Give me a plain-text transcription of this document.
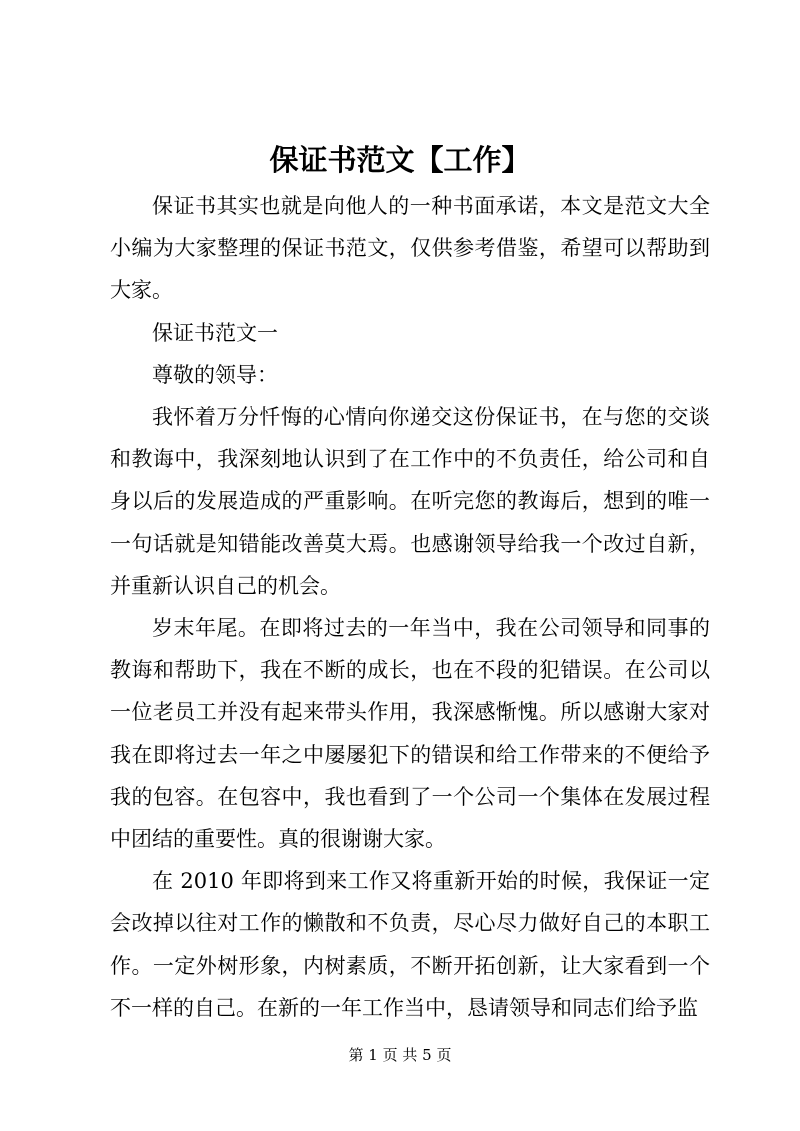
保证书范文【工作】

保证书其实也就是向他人的一种书面承诺，本文是范文大全小编为大家整理的保证书范文，仅供参考借鉴，希望可以帮助到大家。

保证书范文一

尊敬的领导：

我怀着万分忏悔的心情向你递交这份保证书，在与您的交谈和教诲中，我深刻地认识到了在工作中的不负责任，给公司和自身以后的发展造成的严重影响。在听完您的教诲后，想到的唯一一句话就是知错能改善莫大焉。也感谢领导给我一个改过自新，并重新认识自己的机会。

岁末年尾。在即将过去的一年当中，我在公司领导和同事的教诲和帮助下，我在不断的成长，也在不段的犯错误。在公司以一位老员工并没有起来带头作用，我深感惭愧。所以感谢大家对我在即将过去一年之中屡屡犯下的错误和给工作带来的不便给予我的包容。在包容中，我也看到了一个公司一个集体在发展过程中团结的重要性。真的很谢谢大家。

在 2010 年即将到来工作又将重新开始的时候，我保证一定会改掉以往对工作的懒散和不负责，尽心尽力做好自己的本职工作。一定外树形象，内树素质，不断开拓创新，让大家看到一个不一样的自己。在新的一年工作当中，恳请领导和同志们给予监

第 1 页 共 5 页
